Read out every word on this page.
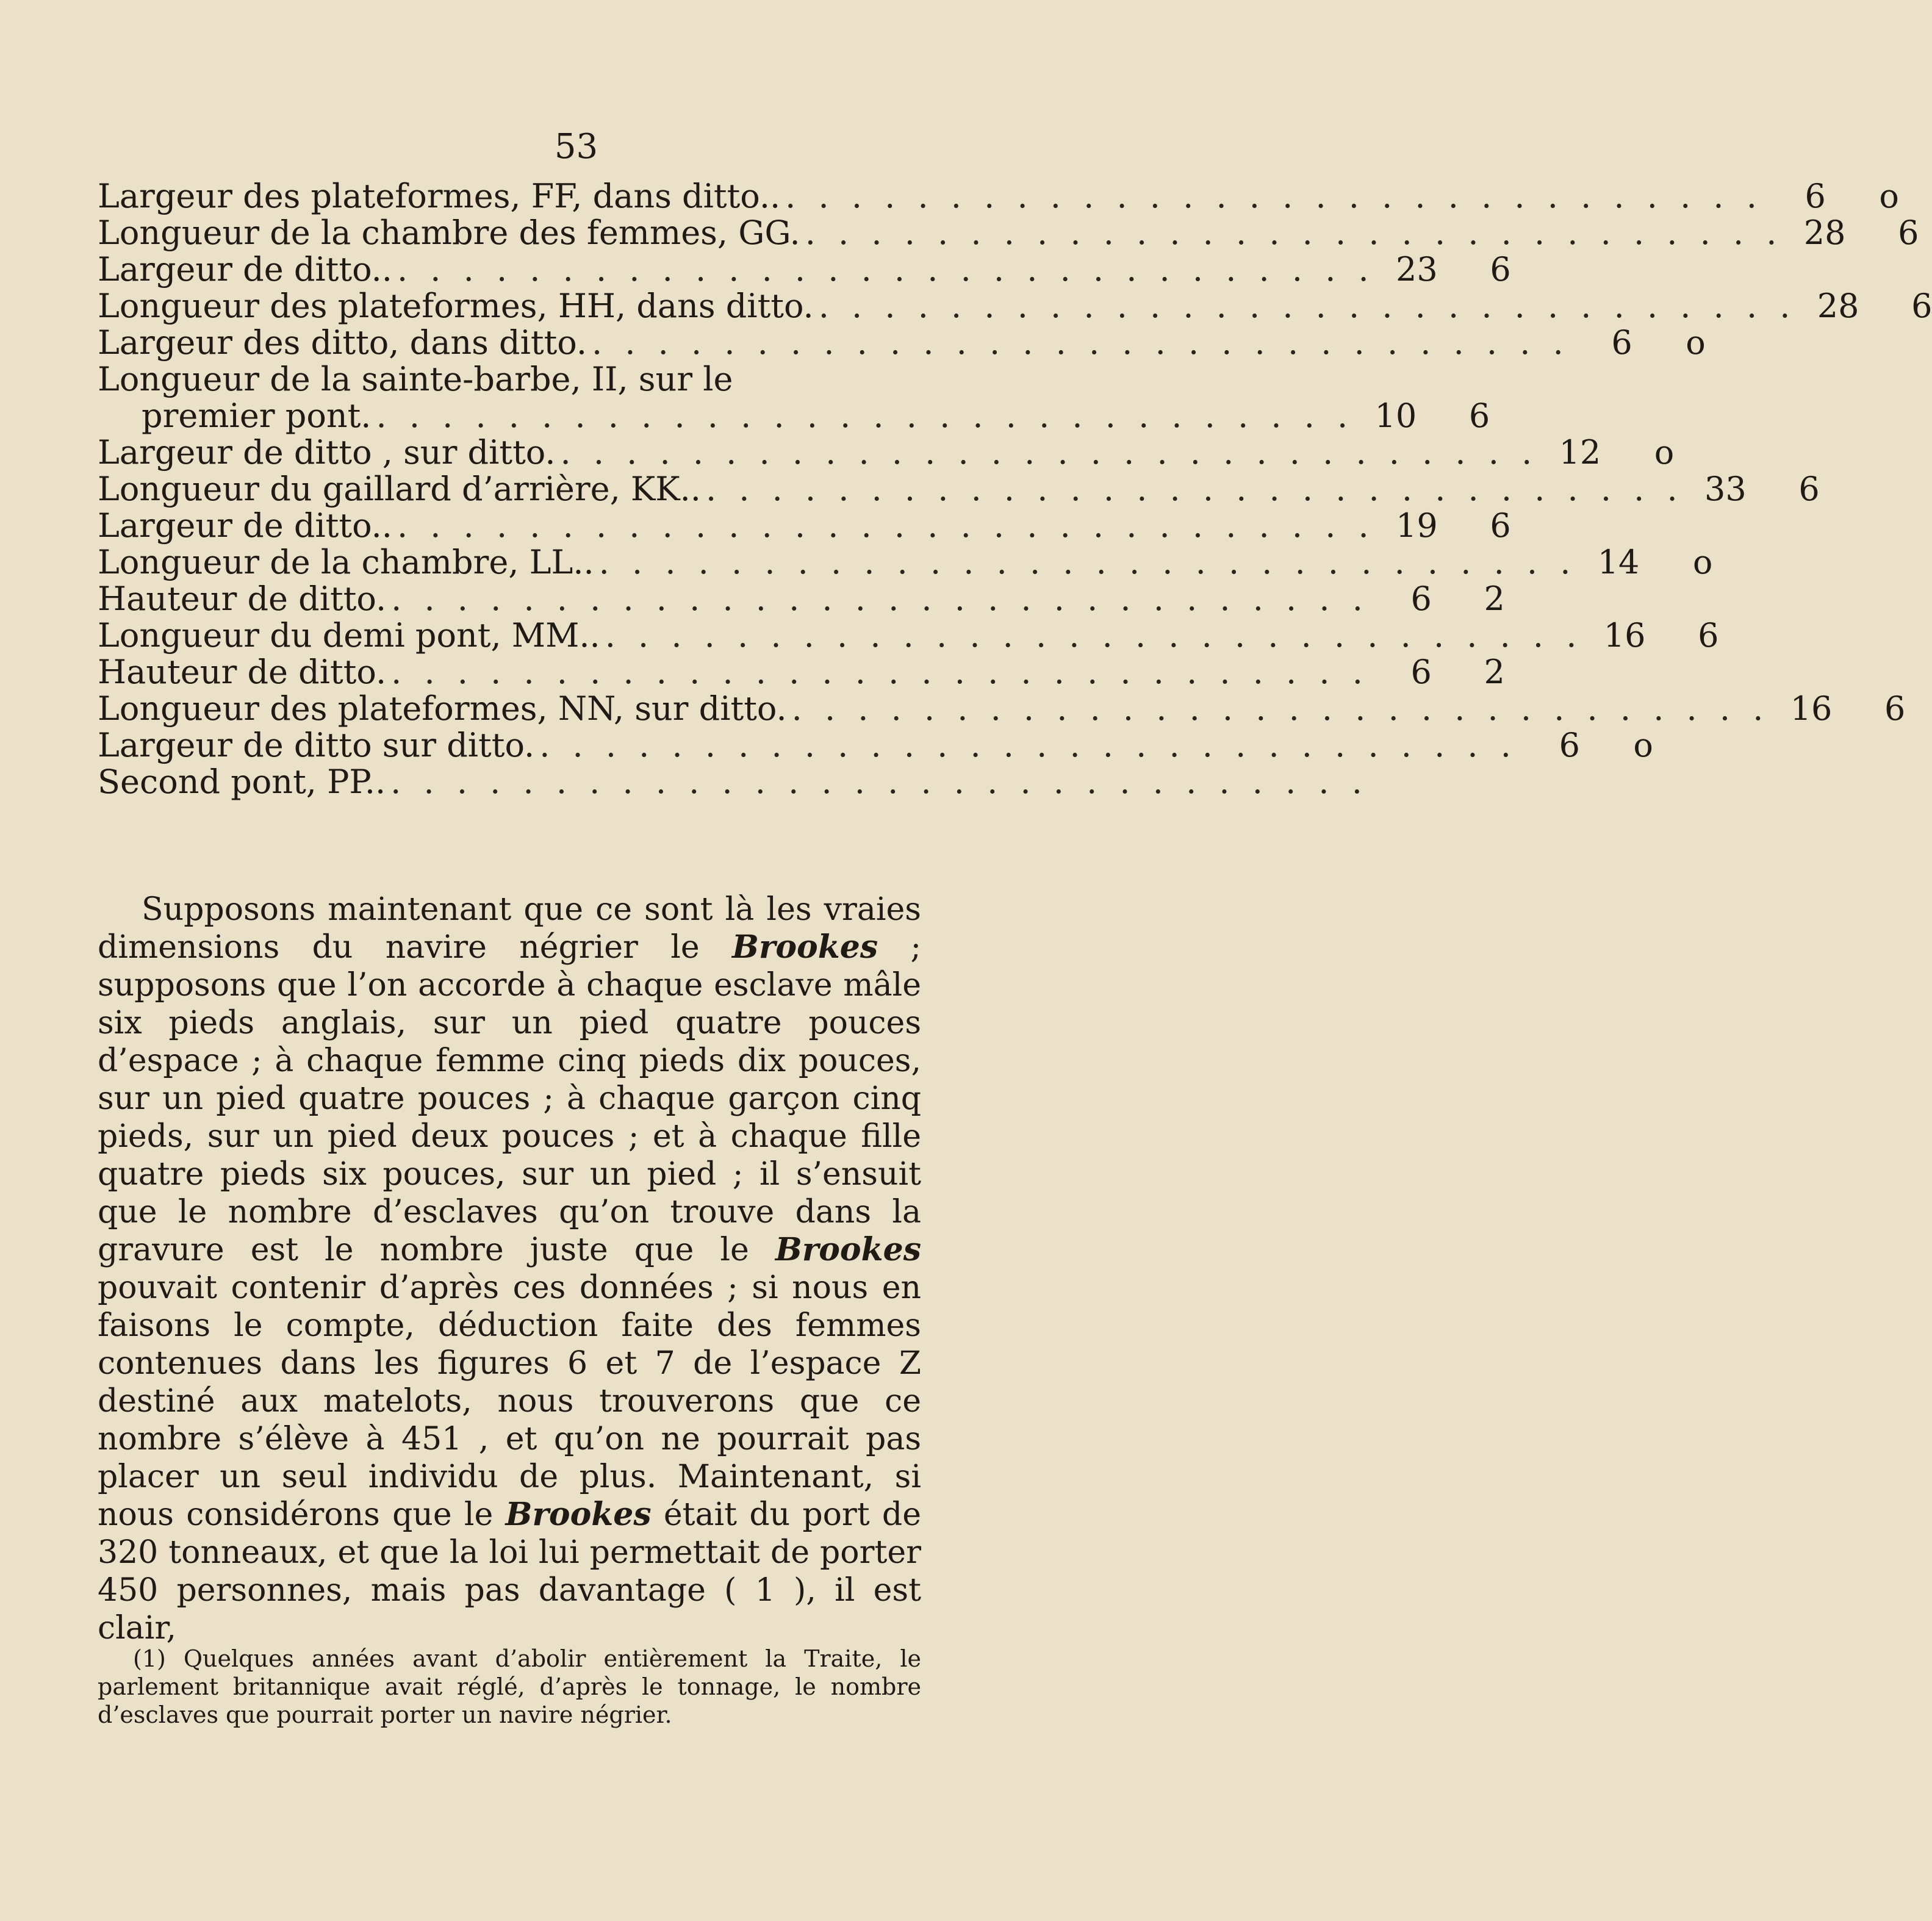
53
Largeur des plateformes, FF, dans ditto.. . . . . . . . . . . . . . . . . . . . . . . . . . . . . . .	6	o
Longueur de la chambre des femmes, GG. . . . . . . . . . . . . . . . . . . . . . . . . . . . . . . 28	6
Largeur de ditto.. . . . . . . . . . . . . . . . . . . . . . . . . . . . . . . 23	6
Longueur des plateformes, HH, dans ditto. . . . . . . . . . . . . . . . . . . . . . . . . . . . . . . 28	6
Largeur des ditto, dans ditto. . . . . . . . . . . . . . . . . . . . . . . . . . . . . . .	6	o
Longueur de la sainte-barbe, II, sur le
premier pont. . . . . . . . . . . . . . . . . . . . . . . . . . . . . . . 10	6
Largeur de ditto , sur ditto. . . . . . . . . . . . . . . . . . . . . . . . . . . . . . . 12	o
Longueur du gaillard d’arrière, KK.. . . . . . . . . . . . . . . . . . . . . . . . . . . . . . . 33	6
Largeur de ditto.. . . . . . . . . . . . . . . . . . . . . . . . . . . . . . . 19	6
Longueur de la chambre, LL.. . . . . . . . . . . . . . . . . . . . . . . . . . . . . . . 14	o
Hauteur de ditto. . . . . . . . . . . . . . . . . . . . . . . . . . . . . . .	6	2
Longueur du demi pont, MM.. . . . . . . . . . . . . . . . . . . . . . . . . . . . . . . 16	6
Hauteur de ditto. . . . . . . . . . . . . . . . . . . . . . . . . . . . . . .	6	2
Longueur des plateformes, NN, sur ditto. . . . . . . . . . . . . . . . . . . . . . . . . . . . . . . 16	6
Largeur de ditto sur ditto. . . . . . . . . . . . . . . . . . . . . . . . . . . . . . .	6	o
Second pont, PP.. . . . . . . . . . . . . . . . . . . . . . . . . . . . . . .
Supposons maintenant que ce sont là les vraies dimensions du navire négrier le Brookes ; supposons que l’on accorde à chaque esclave mâle six pieds anglais, sur un pied quatre pouces d’espace ; à chaque femme cinq pieds dix pouces, sur un pied quatre pouces ; à chaque garçon cinq pieds, sur un pied deux pouces ; et à chaque fille quatre pieds six pouces, sur un pied ; il s’ensuit que le nombre d’esclaves qu’on trouve dans la gravure est le nombre juste que le Brookes pouvait contenir d’après ces données ; si nous en faisons le compte, déduction faite des femmes contenues dans les figures 6 et 7 de l’espace Z destiné aux matelots, nous trouverons que ce nombre s’élève à 451 , et qu’on ne pourrait pas placer un seul individu de plus. Maintenant, si nous considérons que le Brookes était du port de 320 tonneaux, et que la loi lui permettait de porter 450 personnes, mais pas davantage ( 1 ), il est clair,
(1) Quelques années avant d’abolir entièrement la Traite, le parlement britannique avait réglé, d’après le tonnage, le nombre d’esclaves que pourrait porter un navire négrier.
